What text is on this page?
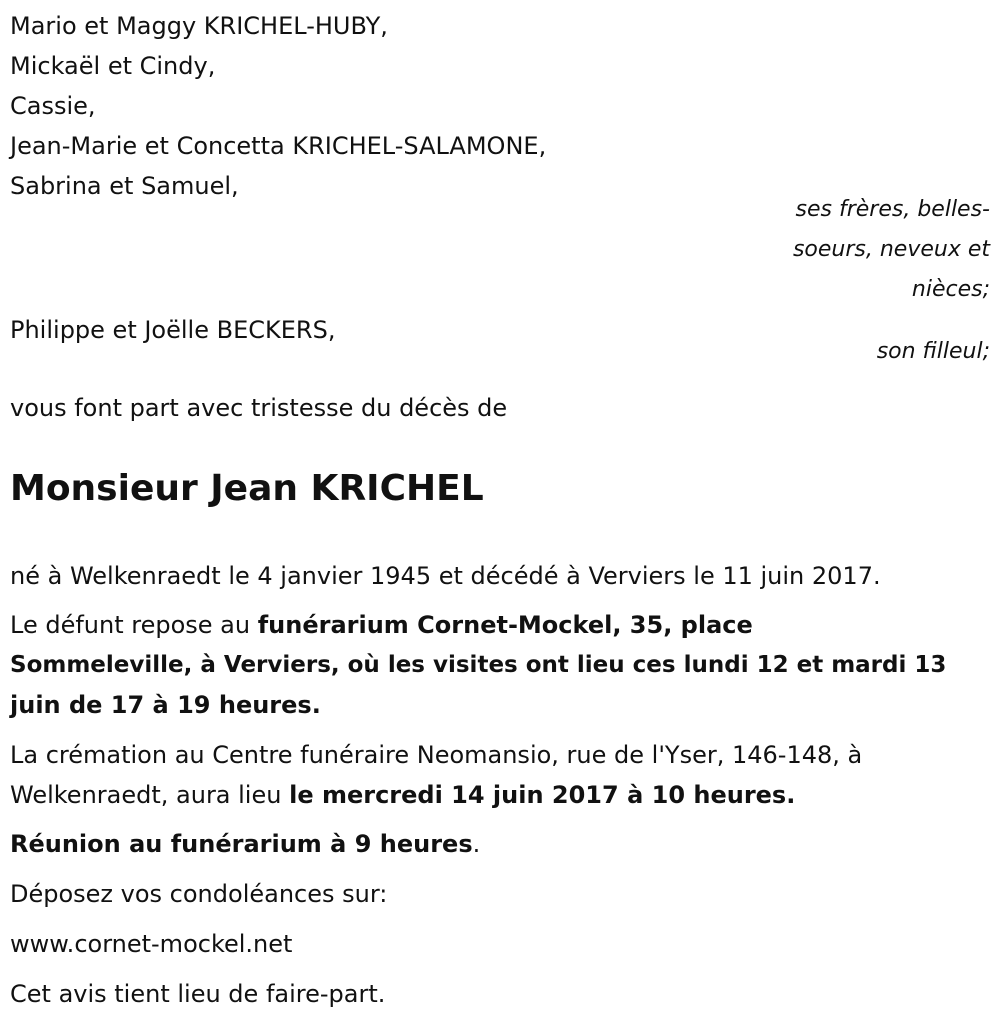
Mario et Maggy KRICHEL-HUBY,
Mickaël et Cindy,
Cassie,
Jean-Marie et Concetta KRICHEL-SALAMONE,
Sabrina et Samuel,
ses frères, belles-
soeurs, neveux et
nièces;
Philippe et Joëlle BECKERS,
son filleul;
vous font part avec tristesse du décès de
Monsieur Jean KRICHEL
né à Welkenraedt le 4 janvier 1945 et décédé à Verviers le 11 juin 2017.
Le défunt repose au funérarium Cornet-Mockel, 35, place
Sommeleville, à Verviers, où les visites ont lieu ces lundi 12 et mardi 13
juin de 17 à 19 heures.
La crémation au Centre funéraire Neomansio, rue de l'Yser, 146-148, à
Welkenraedt, aura lieu le mercredi 14 juin 2017 à 10 heures.
Réunion au funérarium à 9 heures.
Déposez vos condoléances sur:
www.cornet-mockel.net
Cet avis tient lieu de faire-part.
